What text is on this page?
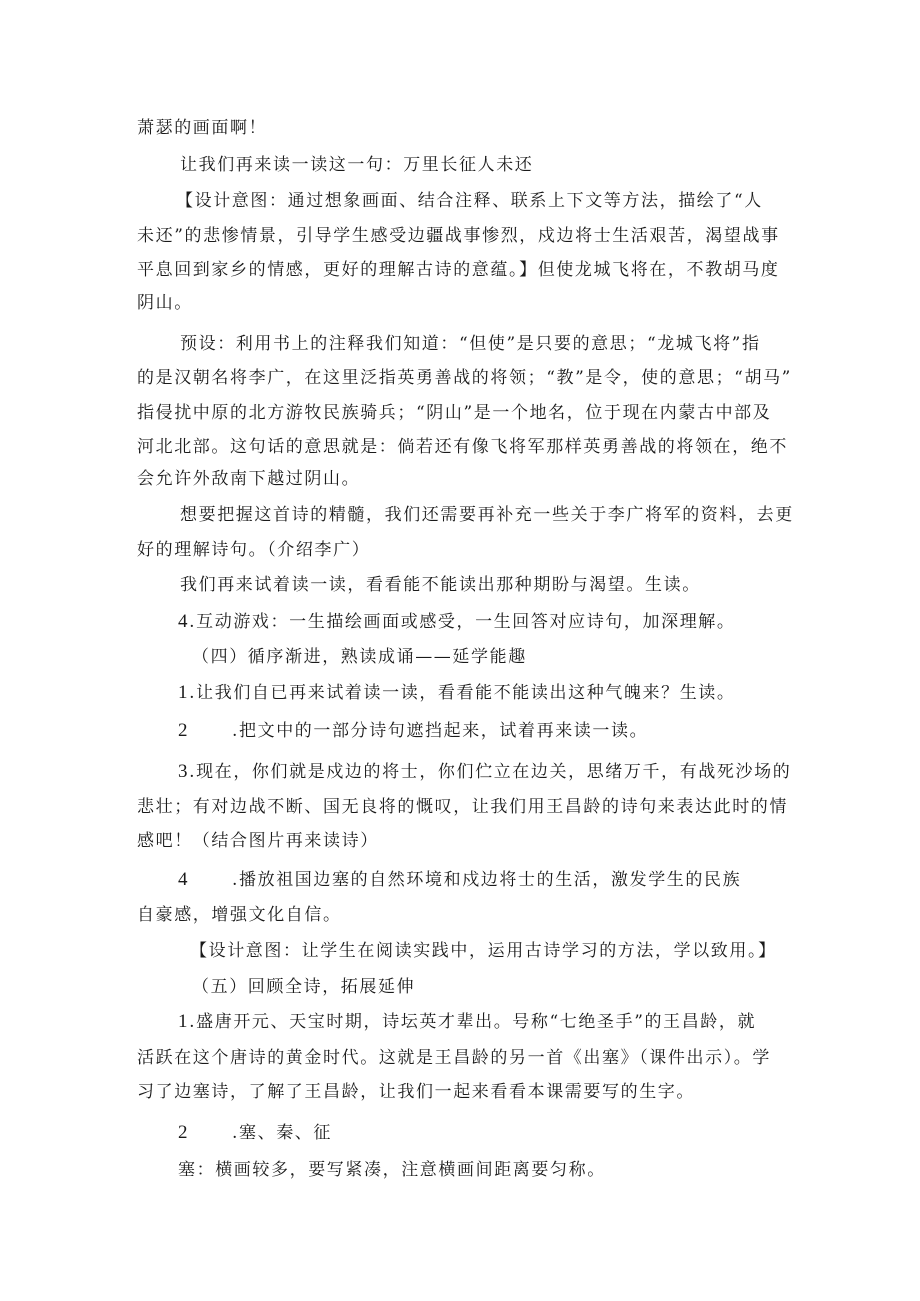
萧瑟的画面啊！
让我们再来读一读这一句：万里长征人未还
【设计意图：通过想象画面、结合注释、联系上下文等方法，描绘了“人
未还”的悲惨情景，引导学生感受边疆战事惨烈，戍边将士生活艰苦，渴望战事
平息回到家乡的情感，更好的理解古诗的意蕴。】但使龙城飞将在，不教胡马度
阴山。
预设：利用书上的注释我们知道：“但使”是只要的意思；“龙城飞将”指
的是汉朝名将李广，在这里泛指英勇善战的将领；“教”是令，使的意思；“胡马”
指侵扰中原的北方游牧民族骑兵；“阴山”是一个地名，位于现在内蒙古中部及
河北北部。这句话的意思就是：倘若还有像飞将军那样英勇善战的将领在，绝不
会允许外敌南下越过阴山。
想要把握这首诗的精髓，我们还需要再补充一些关于李广将军的资料，去更
好的理解诗句。（介绍李广）
我们再来试着读一读，看看能不能读出那种期盼与渴望。生读。
4.互动游戏：一生描绘画面或感受，一生回答对应诗句，加深理解。
（四）循序渐进，熟读成诵——延学能趣
1.让我们自已再来试着读一读，看看能不能读出这种气魄来？生读。
2	.把文中的一部分诗句遮挡起来，试着再来读一读。
3.现在，你们就是戍边的将士，你们伫立在边关，思绪万千，有战死沙场的
悲壮；有对边战不断、国无良将的慨叹，让我们用王昌龄的诗句来表达此时的情
感吧！（结合图片再来读诗）
4	.播放祖国边塞的自然环境和戍边将士的生活，激发学生的民族
自豪感，增强文化自信。
【设计意图：让学生在阅读实践中，运用古诗学习的方法，学以致用。】
（五）回顾全诗，拓展延伸
1.盛唐开元、天宝时期，诗坛英才辈出。号称“七绝圣手”的王昌龄，就
活跃在这个唐诗的黄金时代。这就是王昌龄的另一首《出塞》（课件出示）。学
习了边塞诗，了解了王昌龄，让我们一起来看看本课需要写的生字。
2	.塞、秦、征
塞：横画较多，要写紧凑，注意横画间距离要匀称。
